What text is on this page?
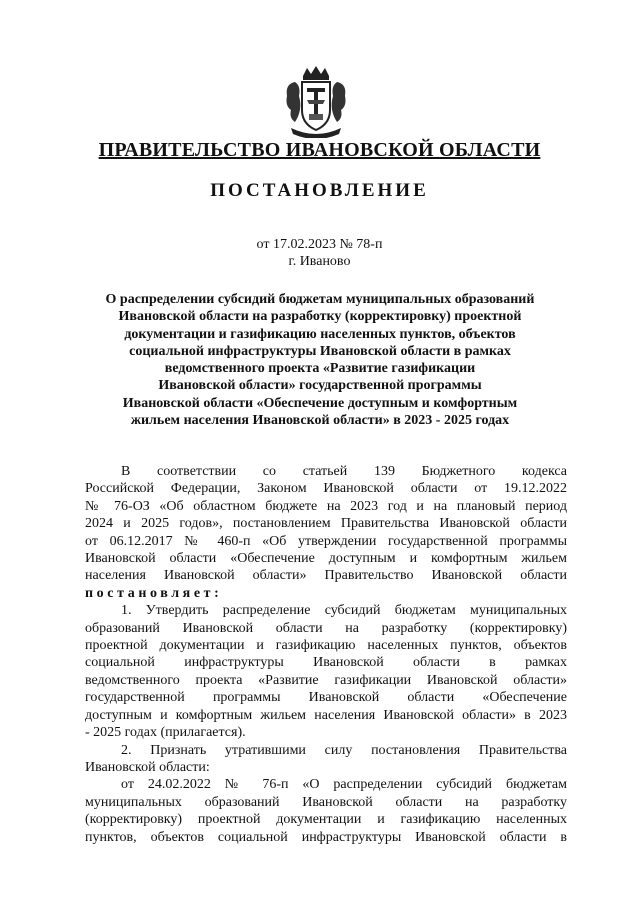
ПРАВИТЕЛЬСТВО ИВАНОВСКОЙ ОБЛАСТИ
ПОСТАНОВЛЕНИЕ
от 17.02.2023 № 78-п
г. Иваново
О распределении субсидий бюджетам муниципальных образований
Ивановской области на разработку (корректировку) проектной
документации и газификацию населенных пунктов, объектов
социальной инфраструктуры Ивановской области в рамках
ведомственного проекта «Развитие газификации
Ивановской области» государственной программы
Ивановской области «Обеспечение доступным и комфортным
жильем населения Ивановской области» в 2023 - 2025 годах
В соответствии со статьей 139 Бюджетного кодекса
Российской Федерации, Законом Ивановской области от 19.12.2022
№ 76-ОЗ «Об областном бюджете на 2023 год и на плановый период
2024 и 2025 годов», постановлением Правительства Ивановской области
от 06.12.2017 № 460-п «Об утверждении государственной программы
Ивановской области «Обеспечение доступным и комфортным жильем
населения Ивановской области» Правительство Ивановской области
постановляет:
1. Утвердить распределение субсидий бюджетам муниципальных
образований Ивановской области на разработку (корректировку)
проектной документации и газификацию населенных пунктов, объектов
социальной инфраструктуры Ивановской области в рамках
ведомственного проекта «Развитие газификации Ивановской области»
государственной программы Ивановской области «Обеспечение
доступным и комфортным жильем населения Ивановской области» в 2023
- 2025 годах (прилагается).
2. Признать утратившими силу постановления Правительства
Ивановской области:
от 24.02.2022 № 76-п «О распределении субсидий бюджетам
муниципальных образований Ивановской области на разработку
(корректировку) проектной документации и газификацию населенных
пунктов, объектов социальной инфраструктуры Ивановской области в
